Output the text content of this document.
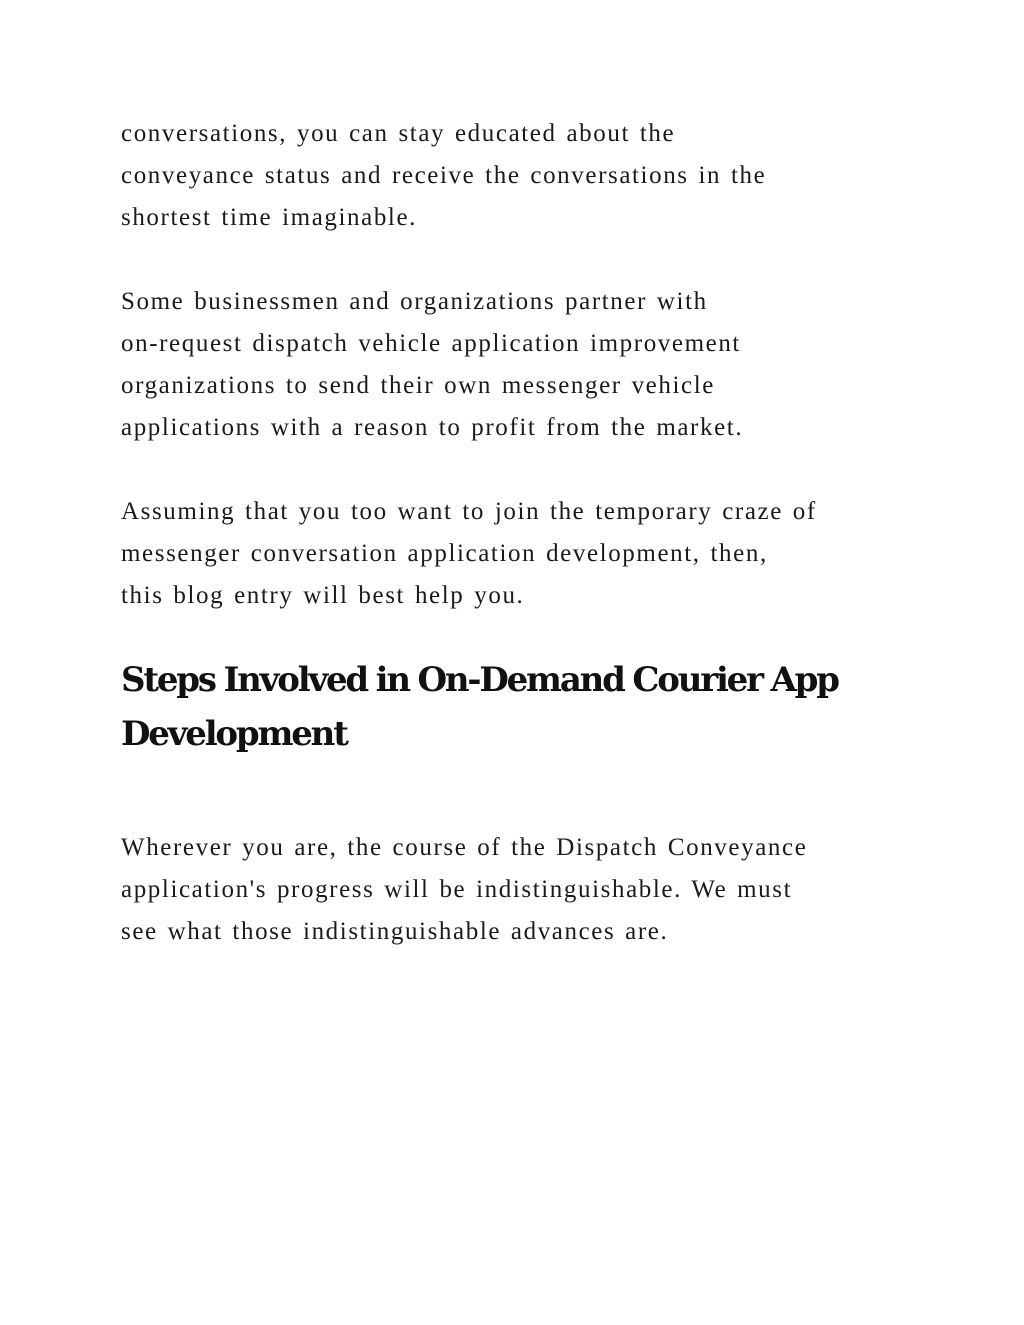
conversations, you can stay educated about the
conveyance status and receive the conversations in the
shortest time imaginable.

Some businessmen and organizations partner with
on-request dispatch vehicle application improvement
organizations to send their own messenger vehicle
applications with a reason to profit from the market.

Assuming that you too want to join the temporary craze of
messenger conversation application development, then,
this blog entry will best help you.

Steps Involved in On-Demand Courier App
Development

Wherever you are, the course of the Dispatch Conveyance
application's progress will be indistinguishable. We must
see what those indistinguishable advances are.
